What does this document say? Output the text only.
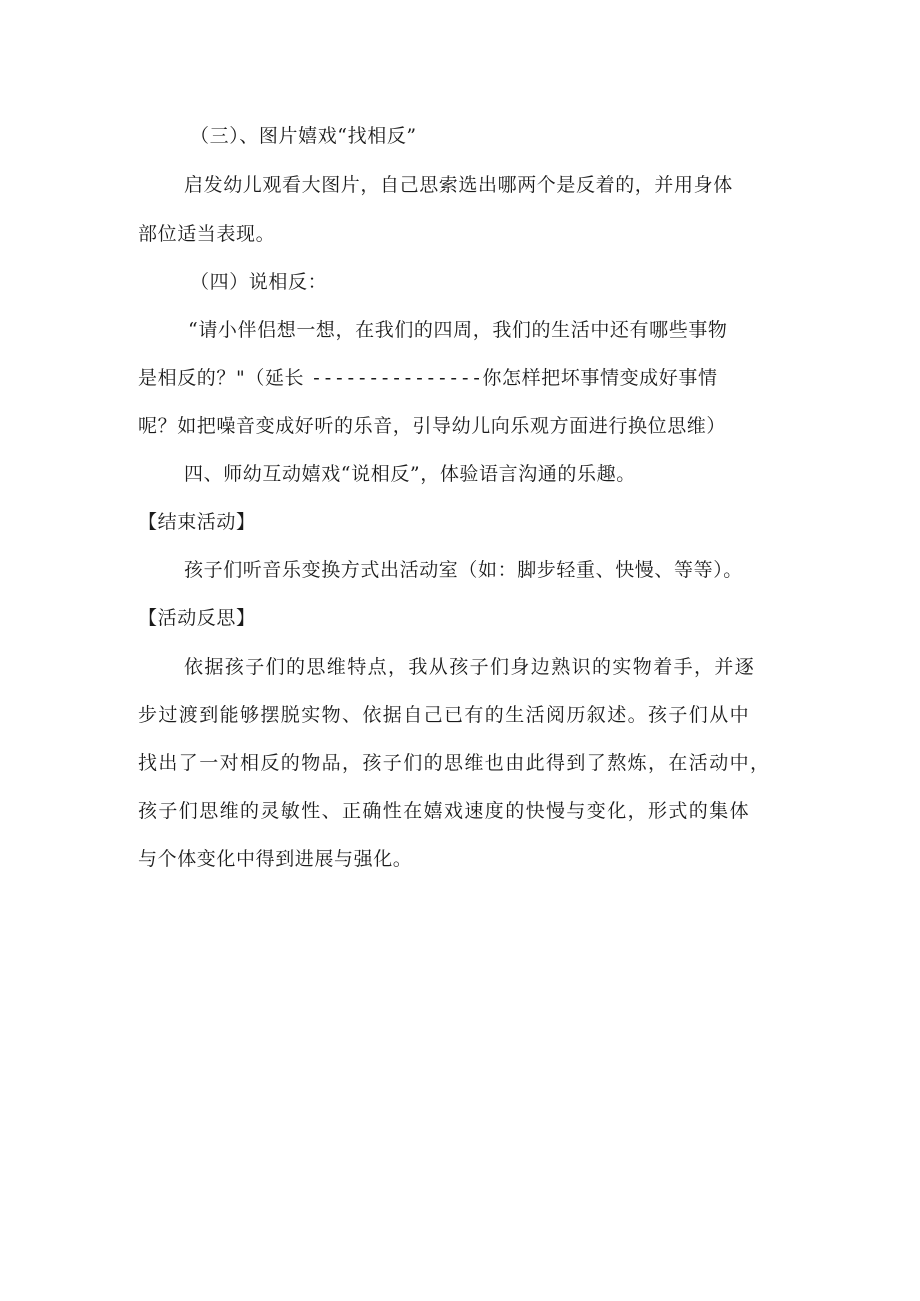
（三）、图片嬉戏“找相反”
启发幼儿观看大图片，自己思索选出哪两个是反着的，并用身体
部位适当表现。
（四）说相反：
“请小伴侣想一想，在我们的四周，我们的生活中还有哪些事物
是相反的？"（延长 ---------------你怎样把坏事情变成好事情
呢？如把噪音变成好听的乐音，引导幼儿向乐观方面进行换位思维）
四、师幼互动嬉戏“说相反”，体验语言沟通的乐趣。
【结束活动】
孩子们听音乐变换方式出活动室（如：脚步轻重、快慢、等等）。
【活动反思】
依据孩子们的思维特点，我从孩子们身边熟识的实物着手，并逐
步过渡到能够摆脱实物、依据自己已有的生活阅历叙述。孩子们从中
找出了一对相反的物品，孩子们的思维也由此得到了熬炼，在活动中，
孩子们思维的灵敏性、正确性在嬉戏速度的快慢与变化，形式的集体
与个体变化中得到进展与强化。
